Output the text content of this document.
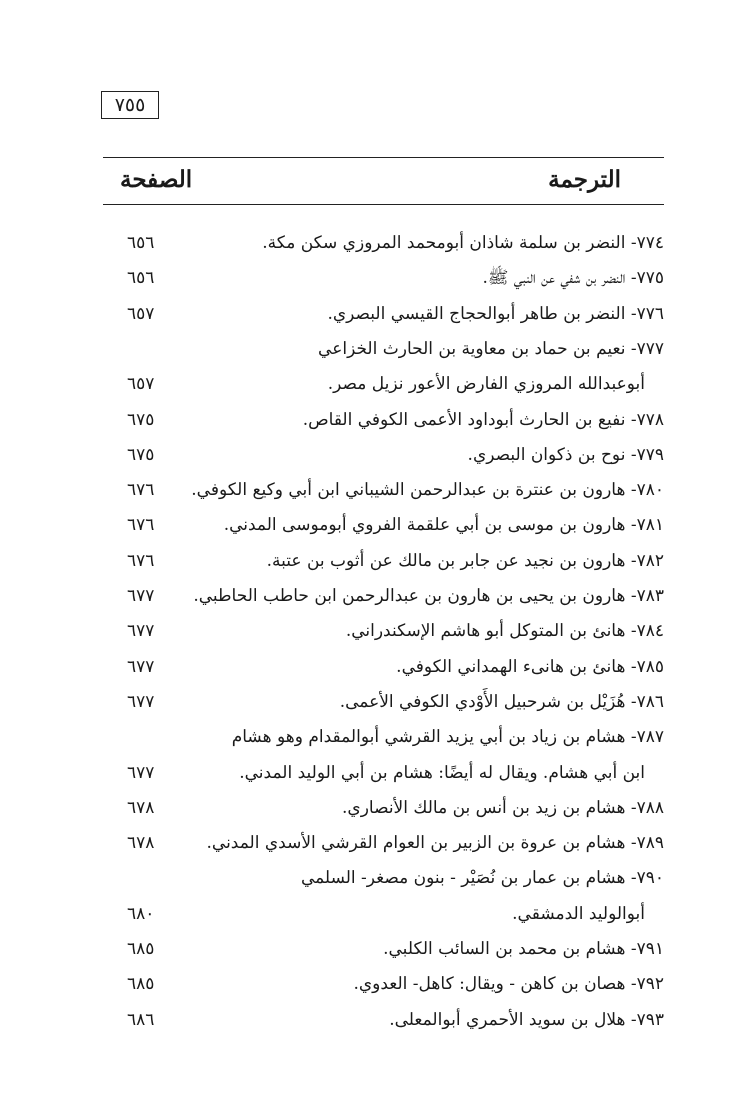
٧٥٥
الترجمة
الصفحة
٧٧٤- النضر بن سلمة شاذان أبومحمد المروزي سكن مكة.
٦٥٦
٧٧٥- النضر بن شفي عن النبي ﷺ.
٦٥٦
٧٧٦- النضر بن طاهر أبوالحجاج القيسي البصري.
٦٥٧
٧٧٧- نعيم بن حماد بن معاوية بن الحارث الخزاعي
أبوعبدالله المروزي الفارض الأعور نزيل مصر.
٦٥٧
٧٧٨- نفيع بن الحارث أبوداود الأعمى الكوفي القاص.
٦٧٥
٧٧٩- نوح بن ذكوان البصري.
٦٧٥
٧٨٠- هارون بن عنترة بن عبدالرحمن الشيباني ابن أبي وكيع الكوفي.
٦٧٦
٧٨١- هارون بن موسى بن أبي علقمة الفروي أبوموسى المدني.
٦٧٦
٧٨٢- هارون بن نجيد عن جابر بن مالك عن أثوب بن عتبة.
٦٧٦
٧٨٣- هارون بن يحيى بن هارون بن عبدالرحمن ابن حاطب الحاطبي.
٦٧٧
٧٨٤- هانئ بن المتوكل أبو هاشم الإسكندراني.
٦٧٧
٧٨٥- هانئ بن هانىء الهمداني الكوفي.
٦٧٧
٧٨٦- هُزَيْل بن شرحبيل الأَوْدي الكوفي الأعمى.
٦٧٧
٧٨٧- هشام بن زياد بن أبي يزيد القرشي أبوالمقدام وهو هشام
ابن أبي هشام. ويقال له أيضًا: هشام بن أبي الوليد المدني.
٦٧٧
٧٨٨- هشام بن زيد بن أنس بن مالك الأنصاري.
٦٧٨
٧٨٩- هشام بن عروة بن الزبير بن العوام القرشي الأسدي المدني.
٦٧٨
٧٩٠- هشام بن عمار بن نُصَيْر - بنون مصغر- السلمي
أبوالوليد الدمشقي.
٦٨٠
٧٩١- هشام بن محمد بن السائب الكلبي.
٦٨٥
٧٩٢- هصان بن كاهن - ويقال: كاهل- العدوي.
٦٨٥
٧٩٣- هلال بن سويد الأحمري أبوالمعلى.
٦٨٦
